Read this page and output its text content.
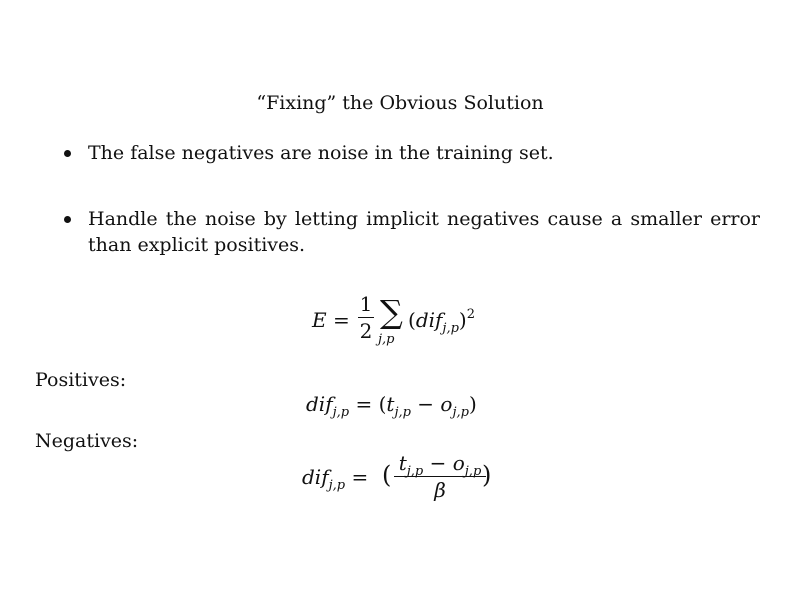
“Fixing” the Obvious Solution
The false negatives are noise in the training set.
Handle the noise by letting implicit negatives cause a smaller error than explicit positives.
E =
1
2 ∑
j,p
$(dif_{j,p})^2$
Positives:
$dif_{j,p} = (t_{j,p} - o_{j,p})$
Negatives:
dif$_{j,p}$ = ( $t_{j,p} - o_{j,p}$
β
)
